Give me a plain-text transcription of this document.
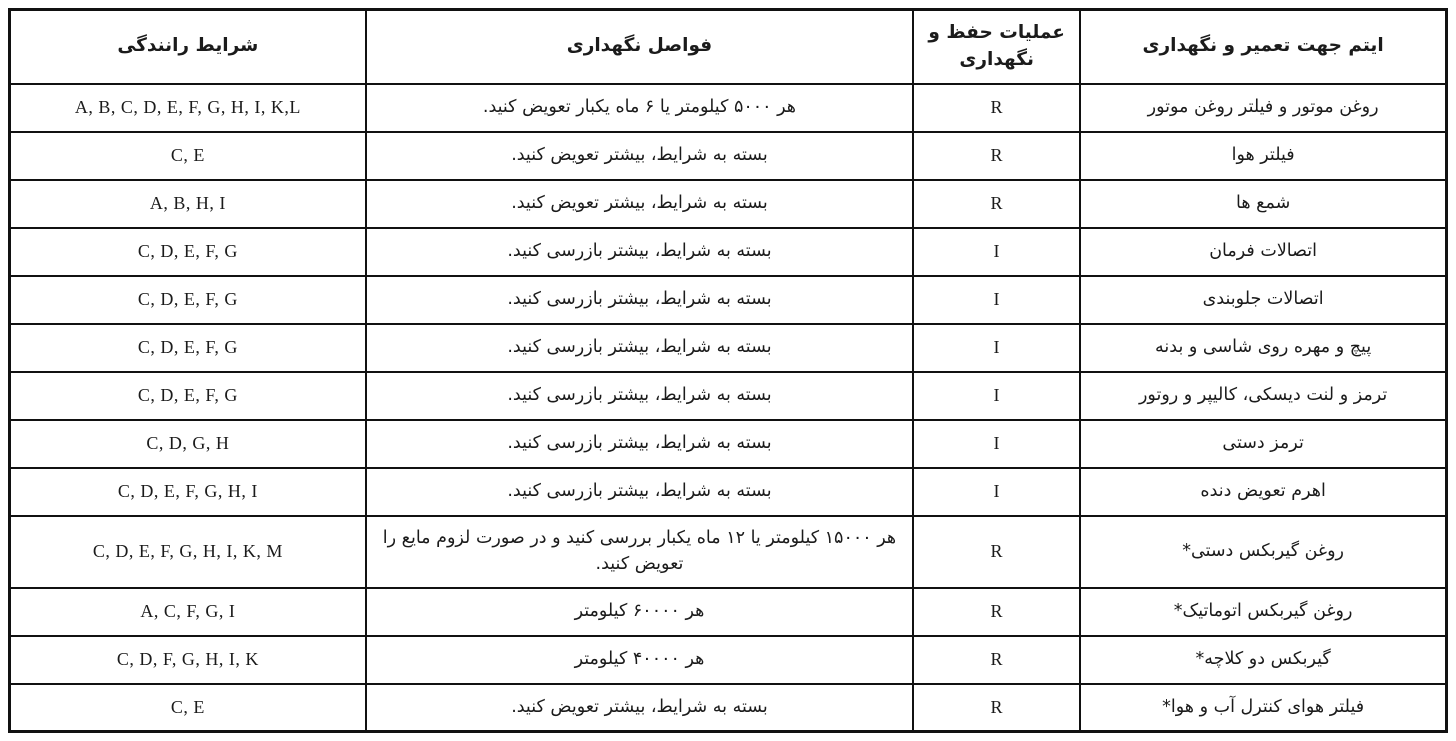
ایتم جهت تعمیر و نگهداری	عملیات حفظ و نگهداری	فواصل نگهداری	شرایط رانندگی
روغن موتور و فیلتر روغن موتور	R	هر ۵۰۰۰ کیلومتر یا ۶ ماه یکبار تعویض کنید.	A, B, C, D, E, F, G, H, I, K,L
فیلتر هوا	R	بسته به شرایط، بیشتر تعویض کنید.	C, E
شمع ها	R	بسته به شرایط، بیشتر تعویض کنید.	A, B, H, I
اتصالات فرمان	I	بسته به شرایط، بیشتر بازرسی کنید.	C, D, E, F, G
اتصالات جلوبندی	I	بسته به شرایط، بیشتر بازرسی کنید.	C, D, E, F, G
پیچ و مهره روی شاسی و بدنه	I	بسته به شرایط، بیشتر بازرسی کنید.	C, D, E, F, G
ترمز و لنت دیسکی، کالیپر و روتور	I	بسته به شرایط، بیشتر بازرسی کنید.	C, D, E, F, G
ترمز دستی	I	بسته به شرایط، بیشتر بازرسی کنید.	C, D, G, H
اهرم تعویض دنده	I	بسته به شرایط، بیشتر بازرسی کنید.	C, D, E, F, G, H, I
روغن گیربکس دستی*	R	هر ۱۵۰۰۰ کیلومتر یا ۱۲ ماه یکبار بررسی کنید و در صورت لزوم مایع را تعویض کنید.	C, D, E, F, G, H, I, K, M
روغن گیربکس اتوماتیک*	R	هر ۶۰۰۰۰ کیلومتر	A, C, F, G, I
گیربکس دو کلاچه*	R	هر ۴۰۰۰۰ کیلومتر	C, D, F, G, H, I, K
فیلتر هوای کنترل آب و هوا*	R	بسته به شرایط، بیشتر تعویض کنید.	C, E
